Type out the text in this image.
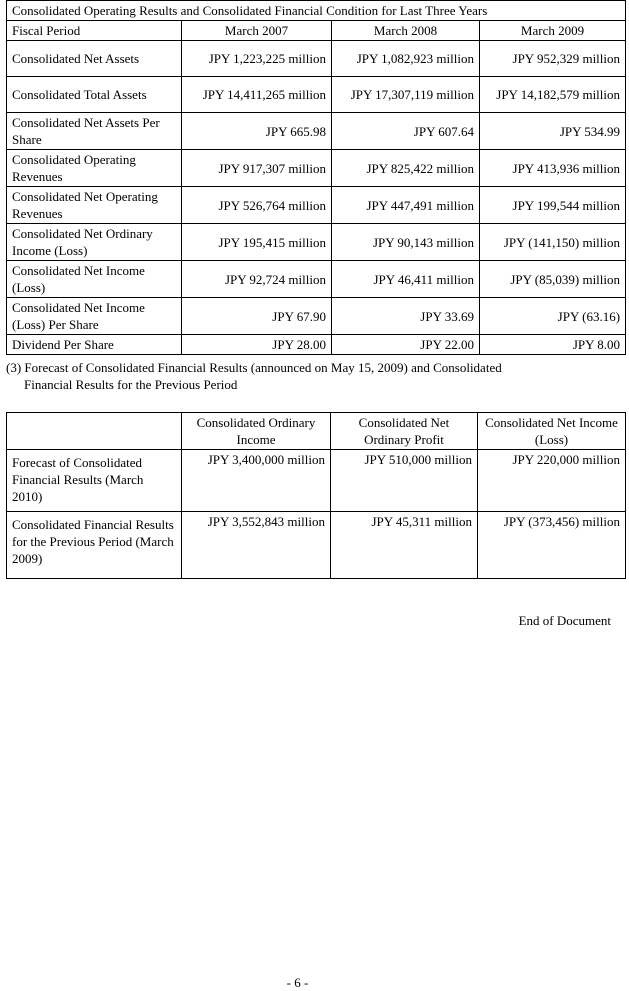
Consolidated Operating Results and Consolidated Financial Condition for Last Three Years			
Fiscal Period	March 2007	March 2008	March 2009
Consolidated Net Assets	JPY 1,223,225 million	JPY 1,082,923 million	JPY 952,329 million
Consolidated Total Assets	JPY 14,411,265 million	JPY 17,307,119 million	JPY 14,182,579 million
Consolidated Net Assets Per Share	JPY 665.98	JPY 607.64	JPY 534.99
Consolidated Operating Revenues	JPY 917,307 million	JPY 825,422 million	JPY 413,936 million
Consolidated Net Operating Revenues	JPY 526,764 million	JPY 447,491 million	JPY 199,544 million
Consolidated Net Ordinary Income (Loss)	JPY 195,415 million	JPY 90,143 million	JPY (141,150) million
Consolidated Net Income (Loss)	JPY 92,724 million	JPY 46,411 million	JPY (85,039) million
Consolidated Net Income (Loss) Per Share	JPY 67.90	JPY 33.69	JPY (63.16)
Dividend Per Share	JPY 28.00	JPY 22.00	JPY 8.00
(3) Forecast of Consolidated Financial Results (announced on May 15, 2009) and Consolidated
Financial Results for the Previous Period
	Consolidated Ordinary Income	Consolidated Net Ordinary Profit	Consolidated Net Income (Loss)
Forecast of Consolidated Financial Results (March 2010)	JPY 3,400,000 million	JPY 510,000 million	JPY 220,000 million
Consolidated Financial Results for the Previous Period (March 2009)	JPY 3,552,843 million	JPY 45,311 million	JPY (373,456) million
End of Document
- 6 -
